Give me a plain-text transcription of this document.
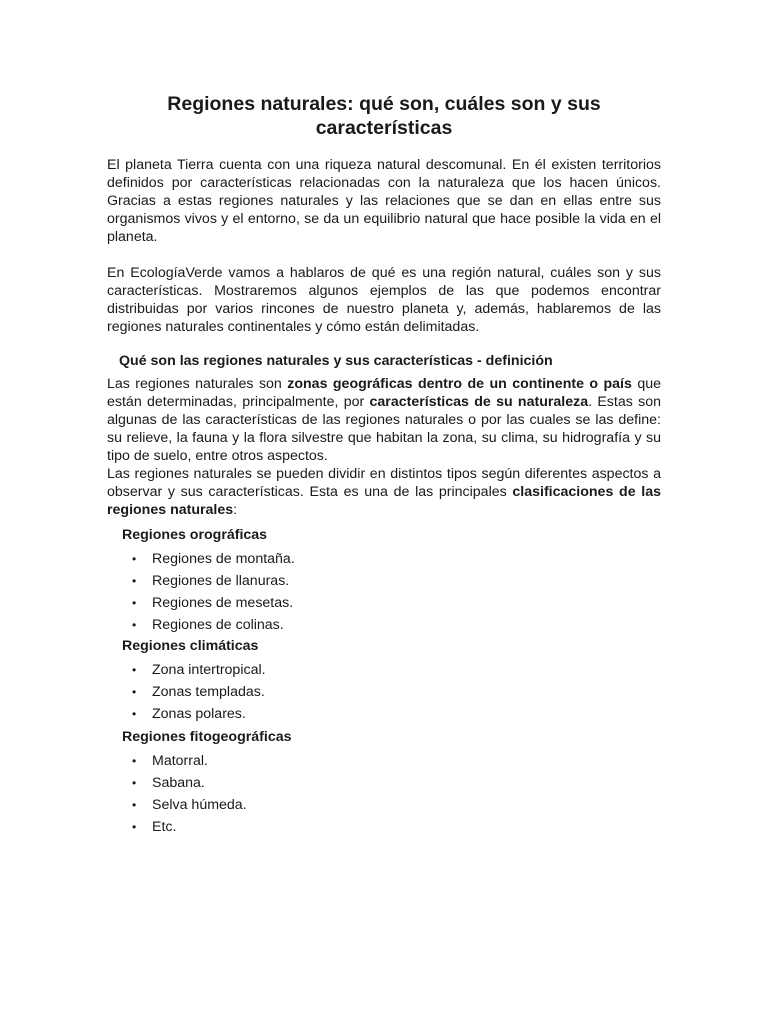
Regiones naturales: qué son, cuáles son y sus características

El planeta Tierra cuenta con una riqueza natural descomunal. En él existen territorios definidos por características relacionadas con la naturaleza que los hacen únicos. Gracias a estas regiones naturales y las relaciones que se dan en ellas entre sus organismos vivos y el entorno, se da un equilibrio natural que hace posible la vida en el planeta.

En EcologíaVerde vamos a hablaros de qué es una región natural, cuáles son y sus características. Mostraremos algunos ejemplos de las que podemos encontrar distribuidas por varios rincones de nuestro planeta y, además, hablaremos de las regiones naturales continentales y cómo están delimitadas.

Qué son las regiones naturales y sus características - definición

Las regiones naturales son zonas geográficas dentro de un continente o país que están determinadas, principalmente, por características de su naturaleza. Estas son algunas de las características de las regiones naturales o por las cuales se las define: su relieve, la fauna y la flora silvestre que habitan la zona, su clima, su hidrografía y su tipo de suelo, entre otros aspectos.

Las regiones naturales se pueden dividir en distintos tipos según diferentes aspectos a observar y sus características. Esta es una de las principales clasificaciones de las regiones naturales:

Regiones orográficas
• Regiones de montaña.
• Regiones de llanuras.
• Regiones de mesetas.
• Regiones de colinas.
Regiones climáticas
• Zona intertropical.
• Zonas templadas.
• Zonas polares.
Regiones fitogeográficas
• Matorral.
• Sabana.
• Selva húmeda.
• Etc.
